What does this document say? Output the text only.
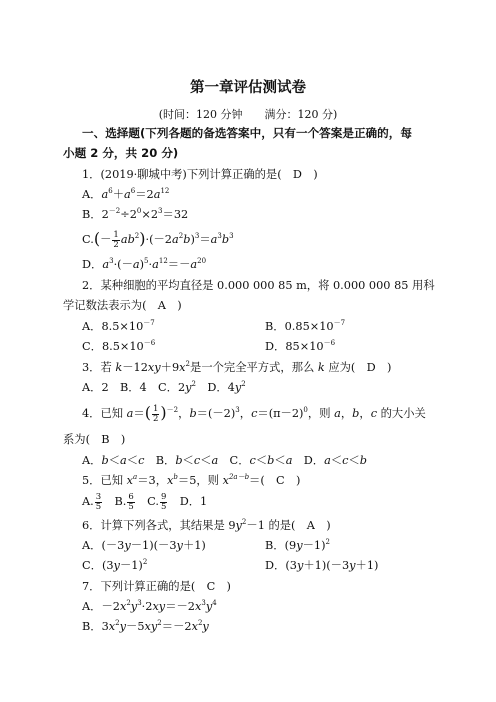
第一章评估测试卷
(时间：120 分钟　　满分：120 分)
一、选择题(下列各题的备选答案中，只有一个答案是正确的，每
小题 2 分，共 20 分)
1．(2019·聊城中考)下列计算正确的是(　D　)
A．$a^6+a^6=2a^{12}$
B．$2^{-2}\div 2^0\times 2^3=32$
$C.(- \frac{1}{2} ab^2)\cdot(-2a^2b)^3=a^3b^3$
D．$a^3\cdot(-a)^5\cdot a^{12}=-a^{20}$
2．某种细胞的平均直径是 0.000 000 85 m，将 0.000 000 85 用科
学记数法表示为(　A　)
A．$8.5\times 10^{-7}$	B．$0.85\times 10^{-7}$
C．$8.5\times 10^{-6}$	D．$85\times 10^{-6}$
3．若 $k-12xy+9x^2$是一个完全平方式，那么 k 应为(　D　)
A．2　B．4　C．$2y^2$　D．$4y^2$
4．已知 $a=( \frac{1}{2} )^{-2}$，$b=(-2)^3$，$c=(\pi-2)^0$，则 a，b，c 的大小关
系为(　B　)
A．b＜a＜c　B．b＜c＜a　C．c＜b＜a　D．a＜c＜b
5．已知 $x^a=3$，$x^b=5$，则 $x^{2a-b}=$(　C　)
A. $\frac{3}{5}$
　 B. $\frac{6}{5}$
　 C. $\frac{9}{5}$
　 D．1
6．计算下列各式，其结果是 $9y^2-1$ 的是(　A　)
A．(－3y－1)(－3y＋1)	B．$(9y-1)^2$
C．$(3y-1)^2$	D．(3y＋1)(－3y＋1)
7．下列计算正确的是(　C　)
A．$-2x^2y^3\cdot 2xy=-2x^3y^4$
B．$3x^2y-5xy^2=-2x^2y$
